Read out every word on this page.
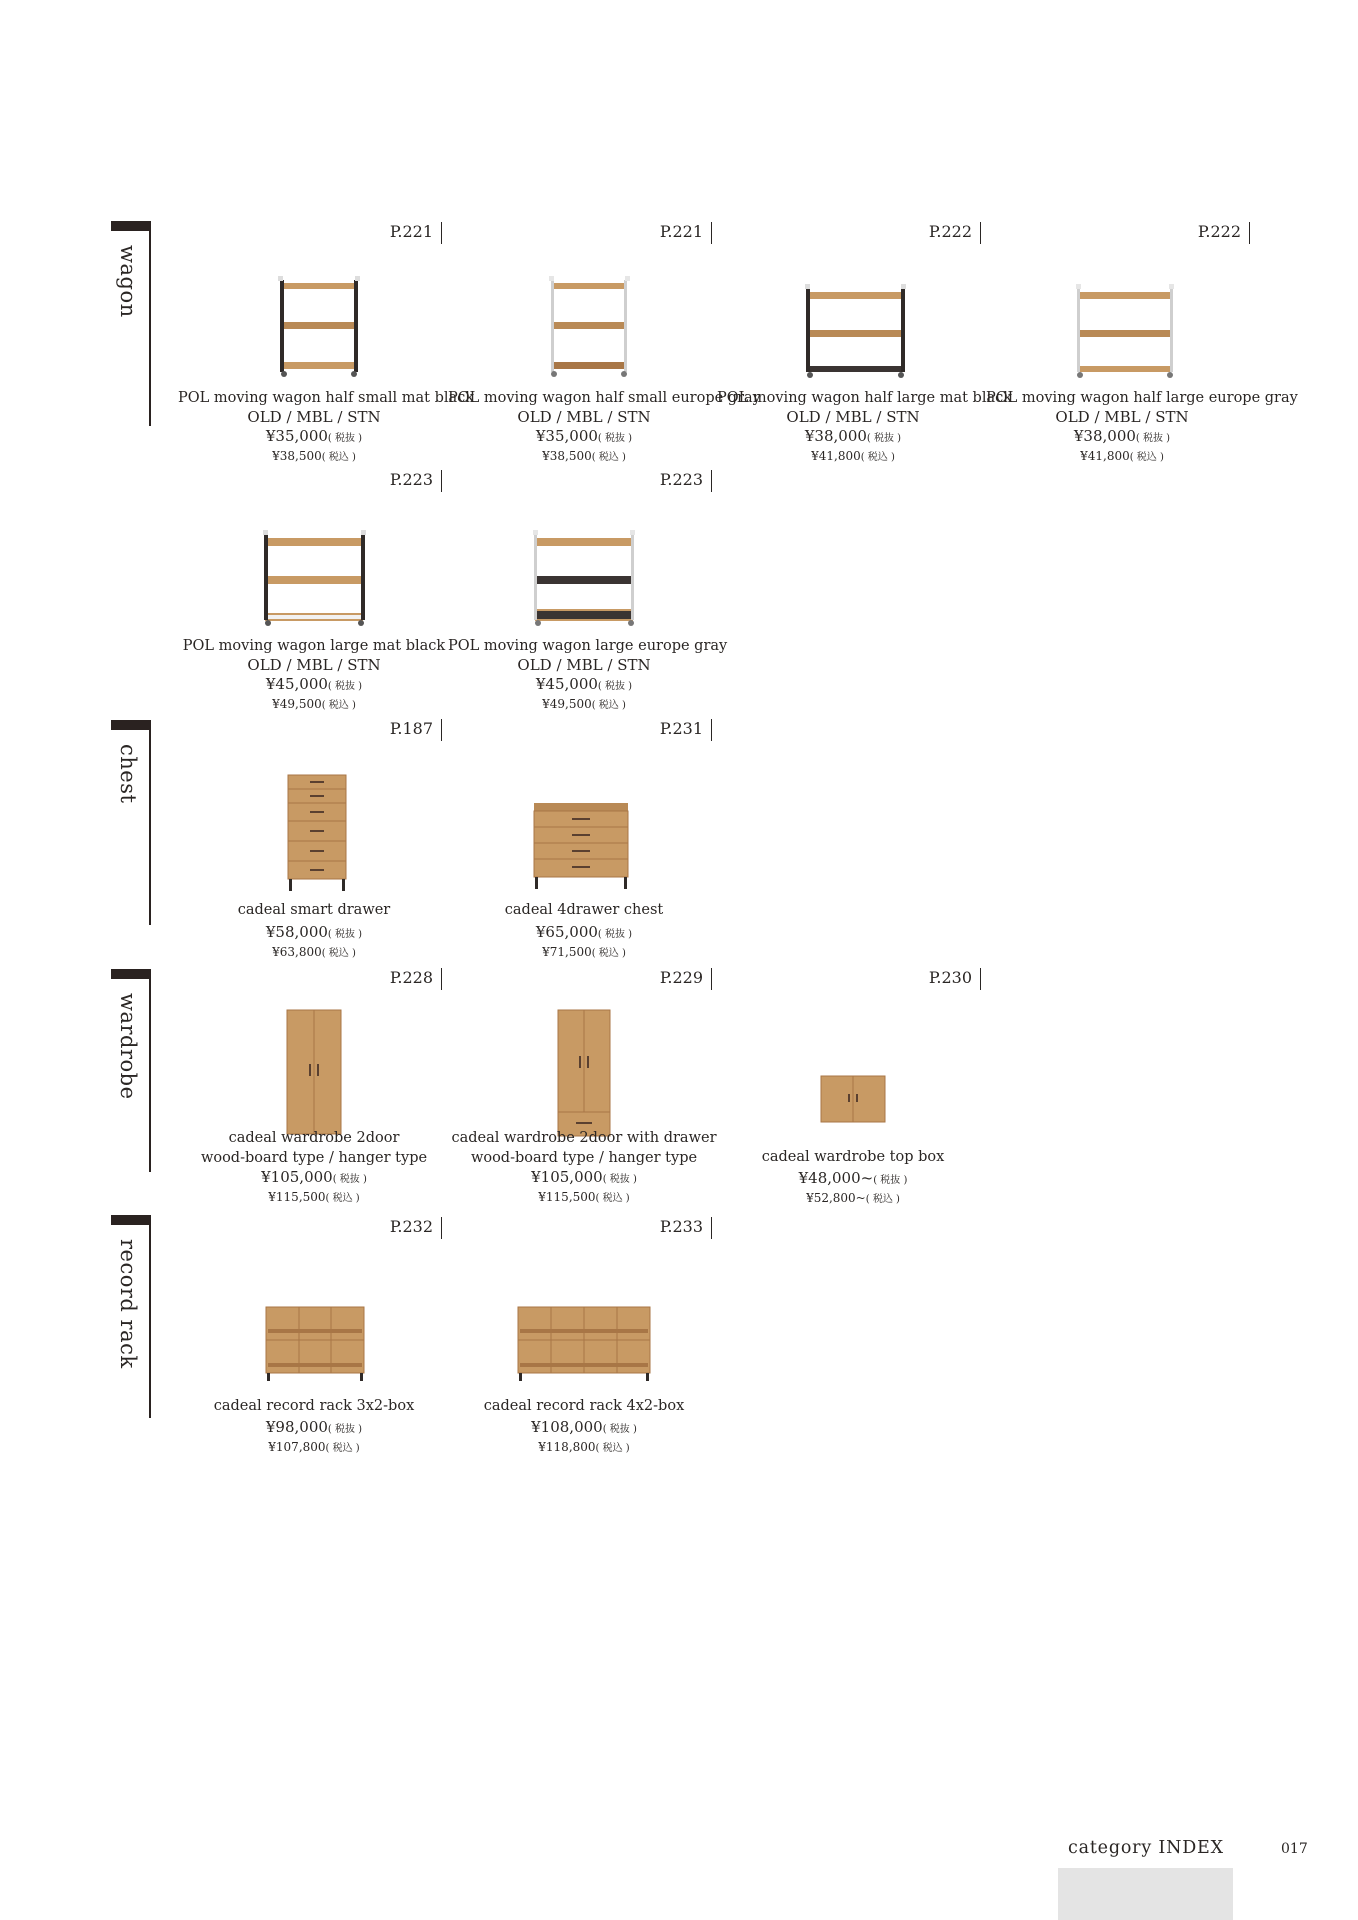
wagon
chest
wardrobe
record rack
P.221
POL moving wagon half small mat black
OLD / MBL / STN
¥35,000( 税抜 )
¥38,500( 税込 )
P.221
POL moving wagon half small europe gray
OLD / MBL / STN
¥35,000( 税抜 )
¥38,500( 税込 )
P.222
POL moving wagon half large mat black
OLD / MBL / STN
¥38,000( 税抜 )
¥41,800( 税込 )
P.222
POL moving wagon half large europe gray
OLD / MBL / STN
¥38,000( 税抜 )
¥41,800( 税込 )
P.223
POL moving wagon large mat black
OLD / MBL / STN
¥45,000( 税抜 )
¥49,500( 税込 )
P.223
POL moving wagon large europe gray
OLD / MBL / STN
¥45,000( 税抜 )
¥49,500( 税込 )
P.187
cadeal smart drawer
¥58,000( 税抜 )
¥63,800( 税込 )
P.231
cadeal 4drawer chest
¥65,000( 税抜 )
¥71,500( 税込 )
P.228
cadeal wardrobe 2door
wood-board type / hanger type
¥105,000( 税抜 )
¥115,500( 税込 )
P.229
cadeal wardrobe 2door with drawer
wood-board type / hanger type
¥105,000( 税抜 )
¥115,500( 税込 )
P.230
cadeal wardrobe top box
¥48,000~( 税抜 )
¥52,800~( 税込 )
P.232
cadeal record rack 3x2-box
¥98,000( 税抜 )
¥107,800( 税込 )
P.233
cadeal record rack 4x2-box
¥108,000( 税抜 )
¥118,800( 税込 )
category INDEX	017
